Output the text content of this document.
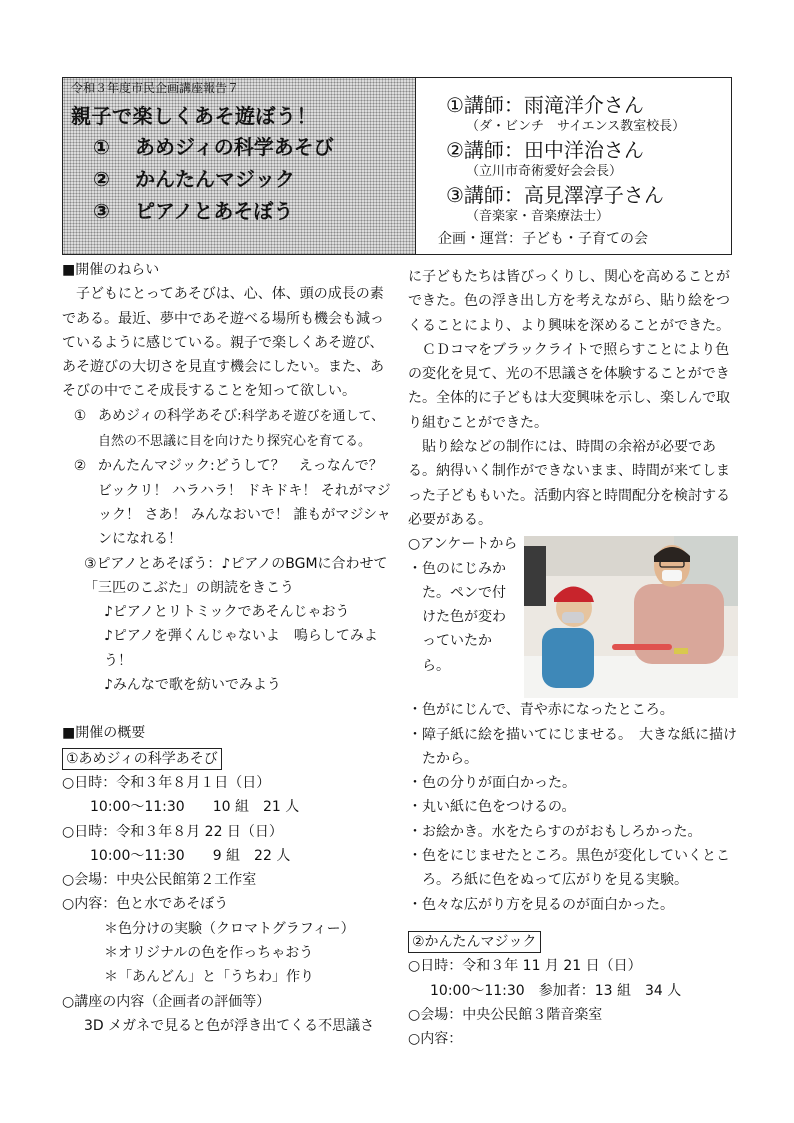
令和３年度市民企画講座報告７
親子で楽しくあそ遊ぼう！
①	あめジィの科学あそび
②	かんたんマジック
③	ピアノとあそぼう
①講師：雨滝洋介さん
（ダ・ビンチ　サイエンス教室校長）
②講師：田中洋治さん
（立川市奇術愛好会会長）
③講師：高見澤淳子さん
（音楽家・音楽療法士）
企画・運営：子ども・子育ての会
■開催のねらい
子どもにとってあそびは、心、体、頭の成長の素である。最近、夢中であそ遊べる場所も機会も減っているように感じている。親子で楽しくあそ遊び、あそ遊びの大切さを見直す機会にしたい。また、あそびの中でこそ成長することを知って欲しい。
① あめジィの科学あそび:科学あそ遊びを通して、自然の不思議に目を向けたり探究心を育てる。
② かんたんマジック:どうして？　えっなんで？　ビックリ！ ハラハラ！ ドキドキ！ それがマジック！ さあ！ みんなおいで！ 誰もがマジシャンになれる！
③ピアノとあそぼう：♪ピアノのBGMに合わせて「三匹のこぶた」の朗読をきこう
♪ピアノとリトミックであそんじゃおう
♪ピアノを弾くんじゃないよ　鳴らしてみよう！
♪みんなで歌を紡いでみよう
■開催の概要
①あめジィの科学あそび
○日時：令和３年８月１日（日）
10:00～11:30　　10 組　21 人
○日時：令和３年８月 22 日（日）
10:00～11:30　　9 組　22 人
○会場：中央公民館第２工作室
○内容：色と水であそぼう
＊色分けの実験（クロマトグラフィー）
＊オリジナルの色を作っちゃおう
＊「あんどん」と「うちわ」作り
○講座の内容（企画者の評価等）
3D メガネで見ると色が浮き出てくる不思議さ
に子どもたちは皆びっくりし、関心を高めることができた。色の浮き出し方を考えながら、貼り絵をつくることにより、より興味を深めることができた。
ＣＤコマをブラックライトで照らすことにより色の変化を見て、光の不思議さを体験することができた。全体的に子どもは大変興味を示し、楽しんで取り組むことができた。
貼り絵などの制作には、時間の余裕が必要である。納得いく制作ができないまま、時間が来てしまった子どももいた。活動内容と時間配分を検討する必要がある。
○アンケートから
・ 色のにじみかた。ペンで付けた色が変わっていたから。
・ 色がにじんで、青や赤になったところ。
・ 障子紙に絵を描いてにじませる。　大きな紙に描けたから。
・ 色の分りが面白かった。
・ 丸い紙に色をつけるの。
・ お絵かき。水をたらすのがおもしろかった。
・ 色をにじませたところ。黒色が変化していくところ。ろ紙に色をぬって広がりを見る実験。
・ 色々な広がり方を見るのが面白かった。
②かんたんマジック
○日時：令和３年 11 月 21 日（日）
10:00～11:30　参加者：13 組　34 人
○会場：中央公民館３階音楽室
○内容：
